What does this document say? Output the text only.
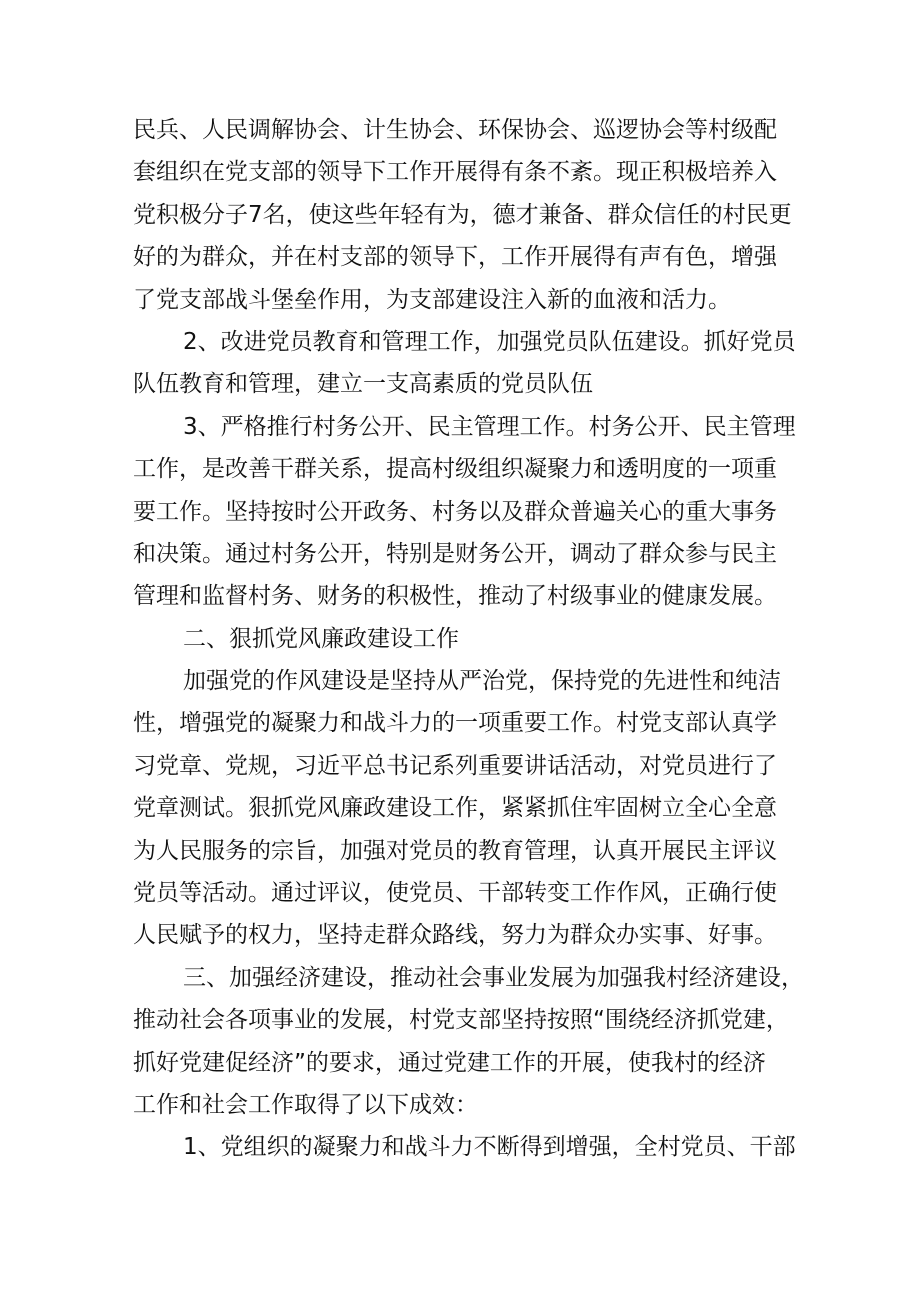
民兵、人民调解协会、计生协会、环保协会、巡逻协会等村级配
套组织在党支部的领导下工作开展得有条不紊。现正积极培养入
党积极分子7名，使这些年轻有为，德才兼备、群众信任的村民更
好的为群众，并在村支部的领导下，工作开展得有声有色，增强
了党支部战斗堡垒作用，为支部建设注入新的血液和活力。
2、改进党员教育和管理工作，加强党员队伍建设。抓好党员
队伍教育和管理，建立一支高素质的党员队伍
3、严格推行村务公开、民主管理工作。村务公开、民主管理
工作，是改善干群关系，提高村级组织凝聚力和透明度的一项重
要工作。坚持按时公开政务、村务以及群众普遍关心的重大事务
和决策。通过村务公开，特别是财务公开，调动了群众参与民主
管理和监督村务、财务的积极性，推动了村级事业的健康发展。
二、狠抓党风廉政建设工作
加强党的作风建设是坚持从严治党，保持党的先进性和纯洁
性，增强党的凝聚力和战斗力的一项重要工作。村党支部认真学
习党章、党规，习近平总书记系列重要讲话活动，对党员进行了
党章测试。狠抓党风廉政建设工作，紧紧抓住牢固树立全心全意
为人民服务的宗旨，加强对党员的教育管理，认真开展民主评议
党员等活动。通过评议，使党员、干部转变工作作风，正确行使
人民赋予的权力，坚持走群众路线，努力为群众办实事、好事。
三、加强经济建设，推动社会事业发展为加强我村经济建设，
推动社会各项事业的发展，村党支部坚持按照“围绕经济抓党建，
抓好党建促经济”的要求，通过党建工作的开展，使我村的经济
工作和社会工作取得了以下成效：
1、党组织的凝聚力和战斗力不断得到增强，全村党员、干部
